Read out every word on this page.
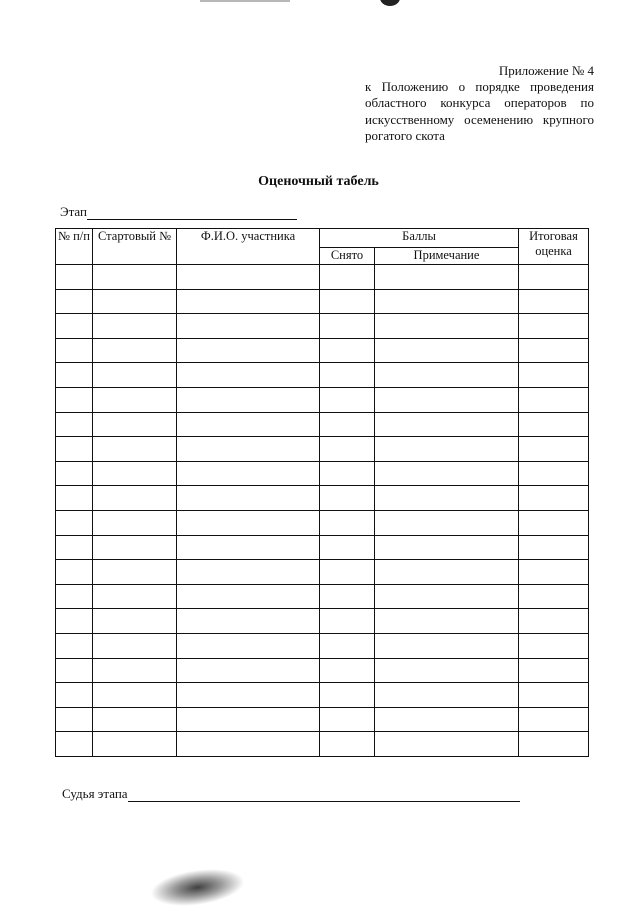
Приложение № 4
к Положению о порядке проведения областного конкурса операторов по искусственному осеменению крупного рогатого скота
Оценочный табель
Этап
№ п/п	Стартовый №	Ф.И.О. участника	Баллы		Итоговая оценка
			Снято	Примечание	

Судья этапа
